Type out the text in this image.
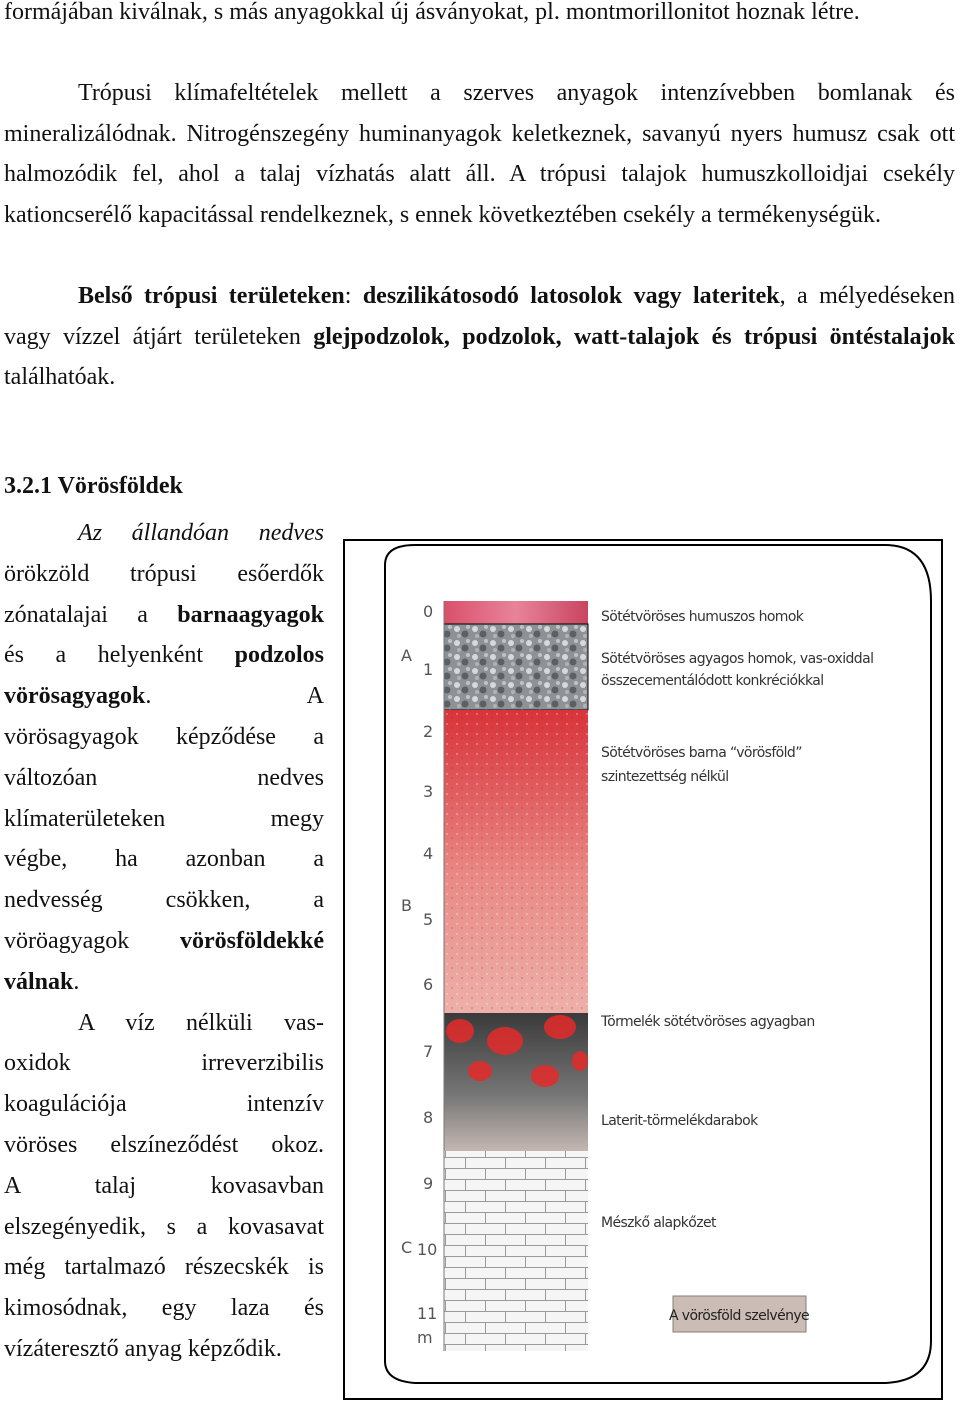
formájában kiválnak, s más anyagokkal új ásványokat, pl. montmorillonitot hoznak létre.

Trópusi klímafeltételek mellett a szerves anyagok intenzívebben bomlanak és mineralizálódnak. Nitrogénszegény huminanyagok keletkeznek, savanyú nyers humusz csak ott halmozódik fel, ahol a talaj vízhatás alatt áll. A trópusi talajok humuszkolloidjai csekély kationcserélő kapacitással rendelkeznek, s ennek következtében csekély a termékenységük.

Belső trópusi területeken: deszilikátosodó latosolok vagy lateritek, a mélyedéseken vagy vízzel átjárt területeken glejpodzolok, podzolok, watt-talajok és trópusi öntéstalajok találhatóak.

3.2.1 Vörösföldek
Az állandóan nedves
örökzöld trópusi esőerdők
zónatalajai a barnaagyagok
és a helyenként podzolos
vörösagyagok. A
vörösagyagok képződése a
változóan nedves
klímaterületeken megy
végbe, ha azonban a
nedvesség csökken, a
vöröagyagok vörösföldekké
válnak.
A víz nélküli vas-
oxidok irreverzibilis
koagulációja intenzív
vöröses elszíneződést okoz.
A talaj kovasavban
elszegényedik, s a kovasavat
még tartalmazó részecskék is
kimosódnak, egy laza és
vízáteresztő anyag képződik.
0
1
2
3
4
5
6
7
8
9
10
11
m
A
B
C
Sötétvöröses humuszos homok
Sötétvöröses agyagos homok, vas-oxiddal
összecementálódott konkréciókkal
Sötétvöröses barna “vörösföld”
szintezettség nélkül
Törmelék sötétvöröses agyagban
Laterit-törmelékdarabok
Mészkő alapkőzet
A vörösföld szelvénye
